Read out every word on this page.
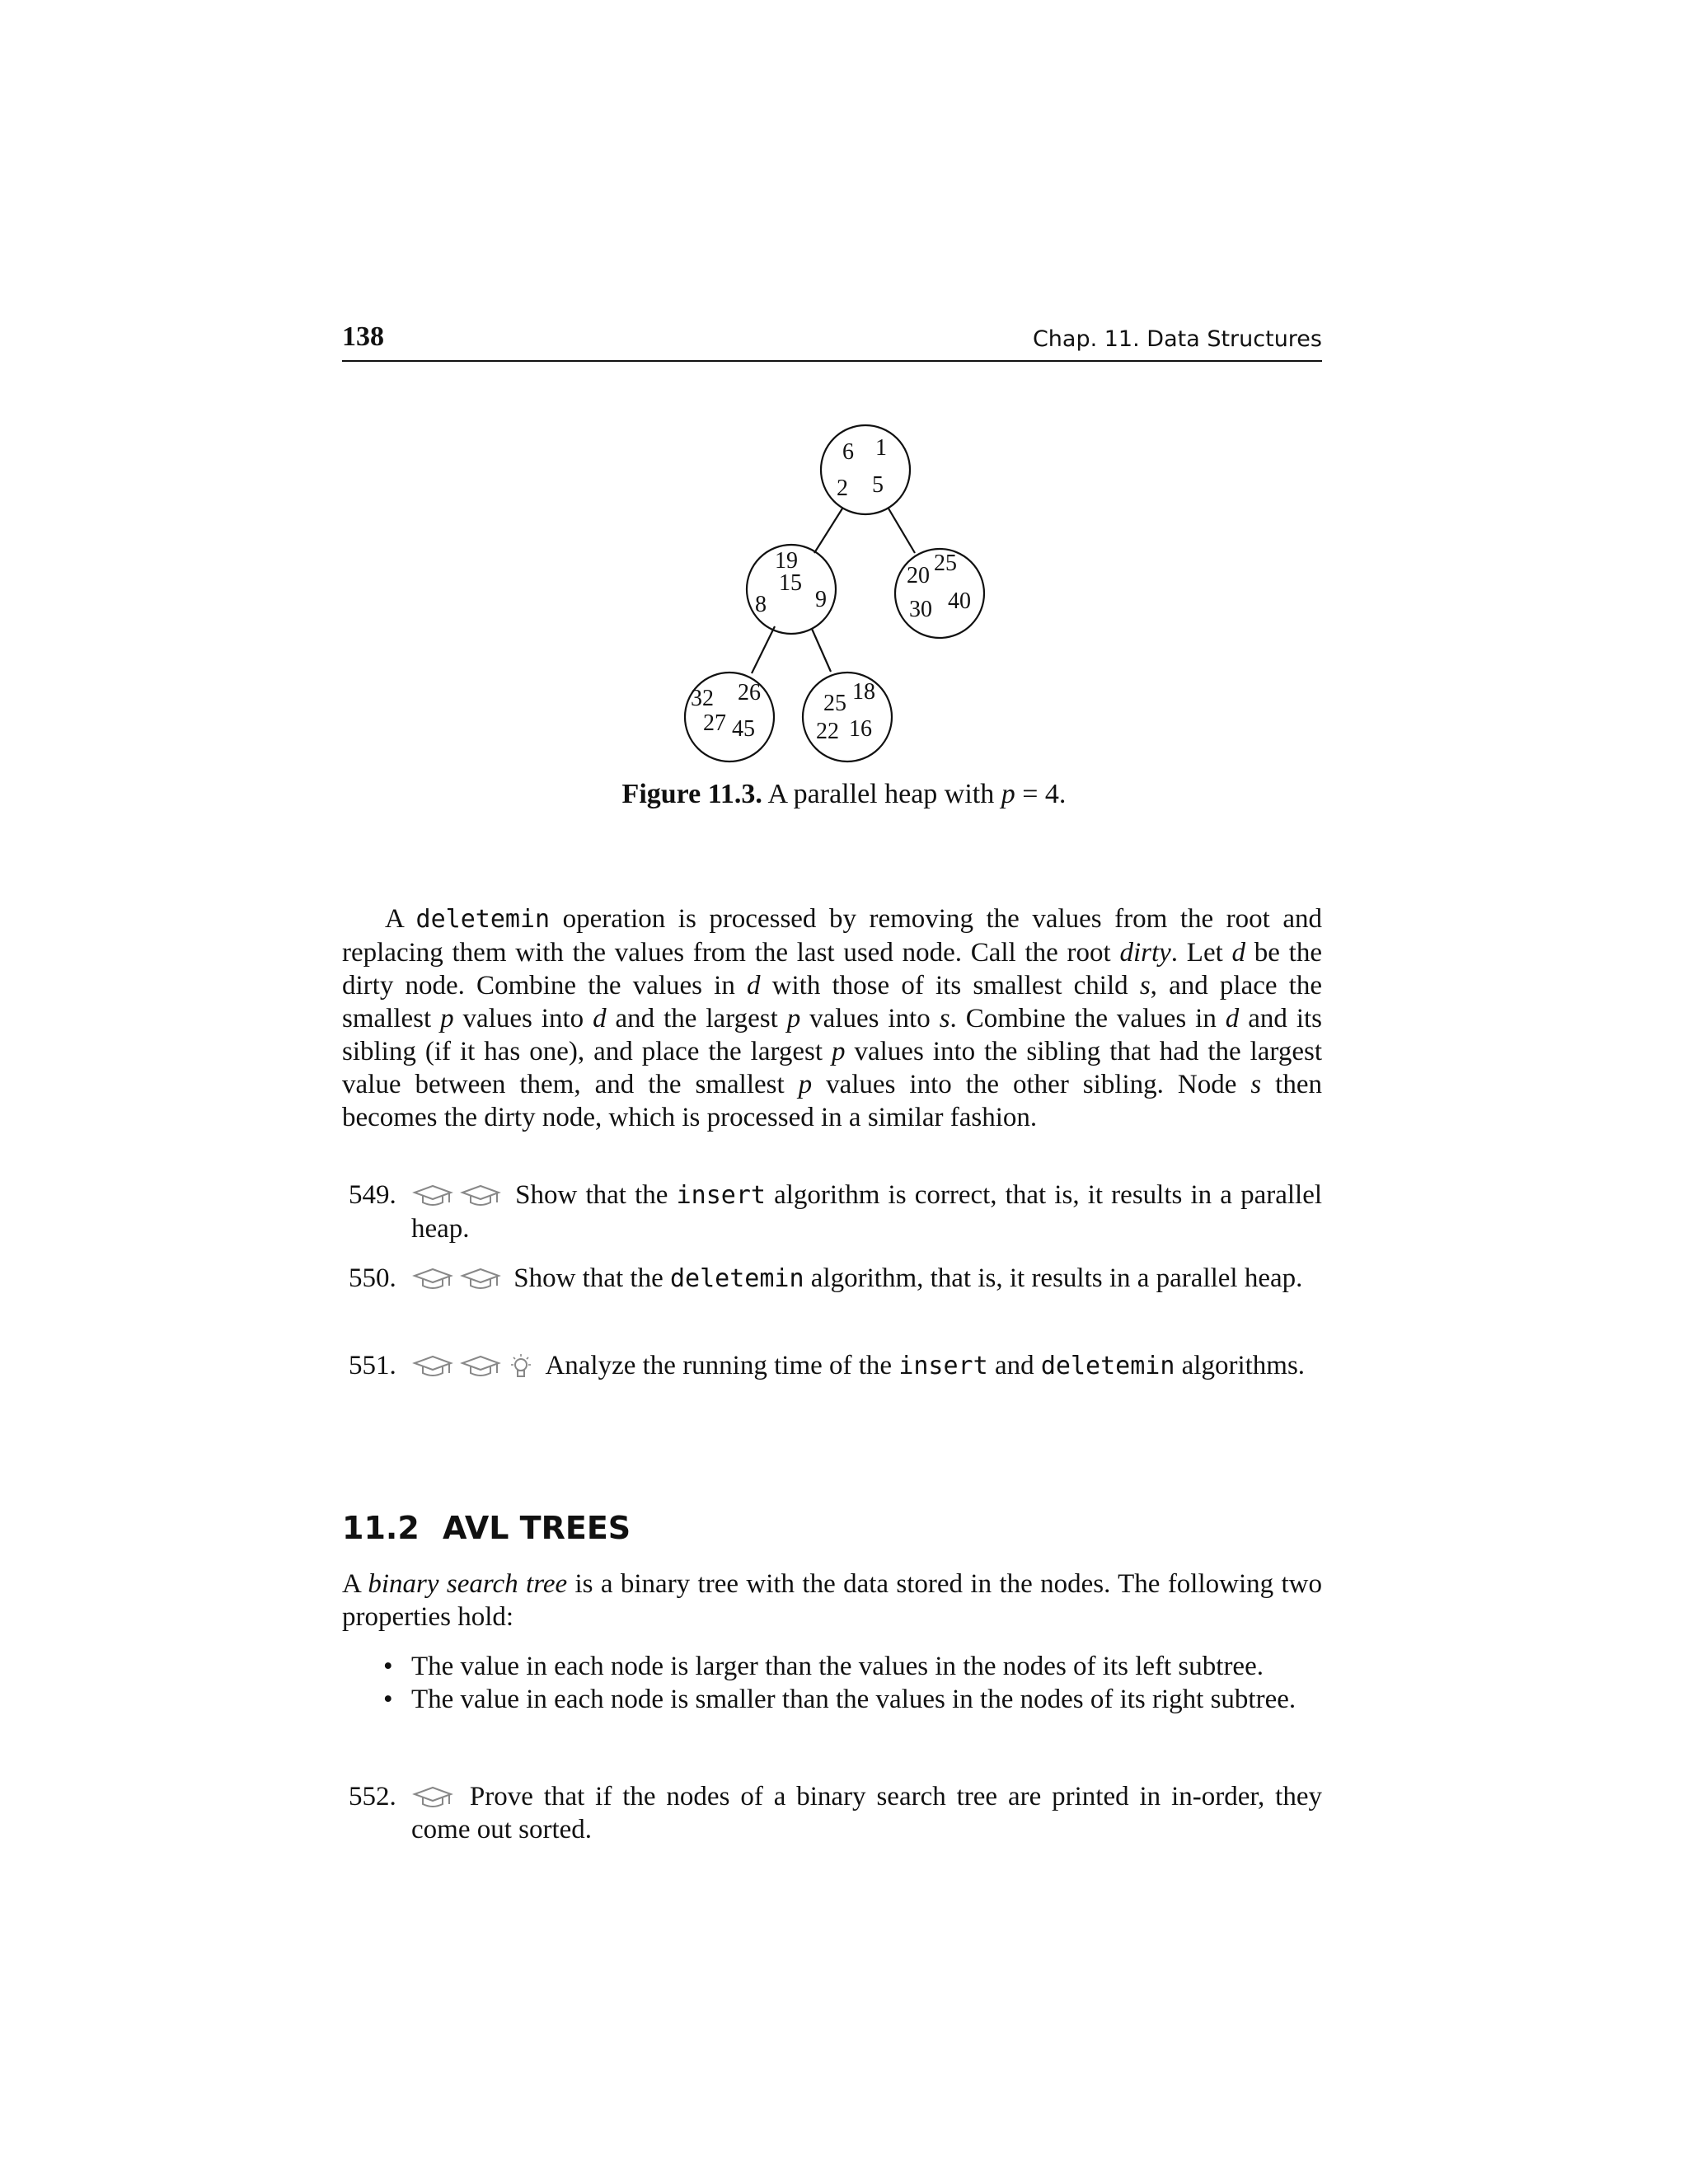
138	Chap. 11. Data Structures
6 1
2 5
19
15
8 9
20 25
30 40
32 26
27 45
25 18
22 16
Figure 11.3. A parallel heap with p = 4.
A deletemin operation is processed by removing the values from the root and replacing them with the values from the last used node. Call the root dirty. Let d be the dirty node. Combine the values in d with those of its smallest child s, and place the smallest p values into d and the largest p values into s. Combine the values in d and its sibling (if it has one), and place the largest p values into the sibling that had the largest value between them, and the smallest p values into the other sibling. Node s then becomes the dirty node, which is processed in a similar fashion.
549.	Show that the insert algorithm is correct, that is, it results in a parallel heap.
550.	Show that the deletemin algorithm, that is, it results in a parallel heap.
551.	Analyze the running time of the insert and deletemin algorithms.
11.2 AVL TREES
A binary search tree is a binary tree with the data stored in the nodes. The following two properties hold:
• The value in each node is larger than the values in the nodes of its left subtree.
• The value in each node is smaller than the values in the nodes of its right subtree.
552.	Prove that if the nodes of a binary search tree are printed in in-order, they come out sorted.
